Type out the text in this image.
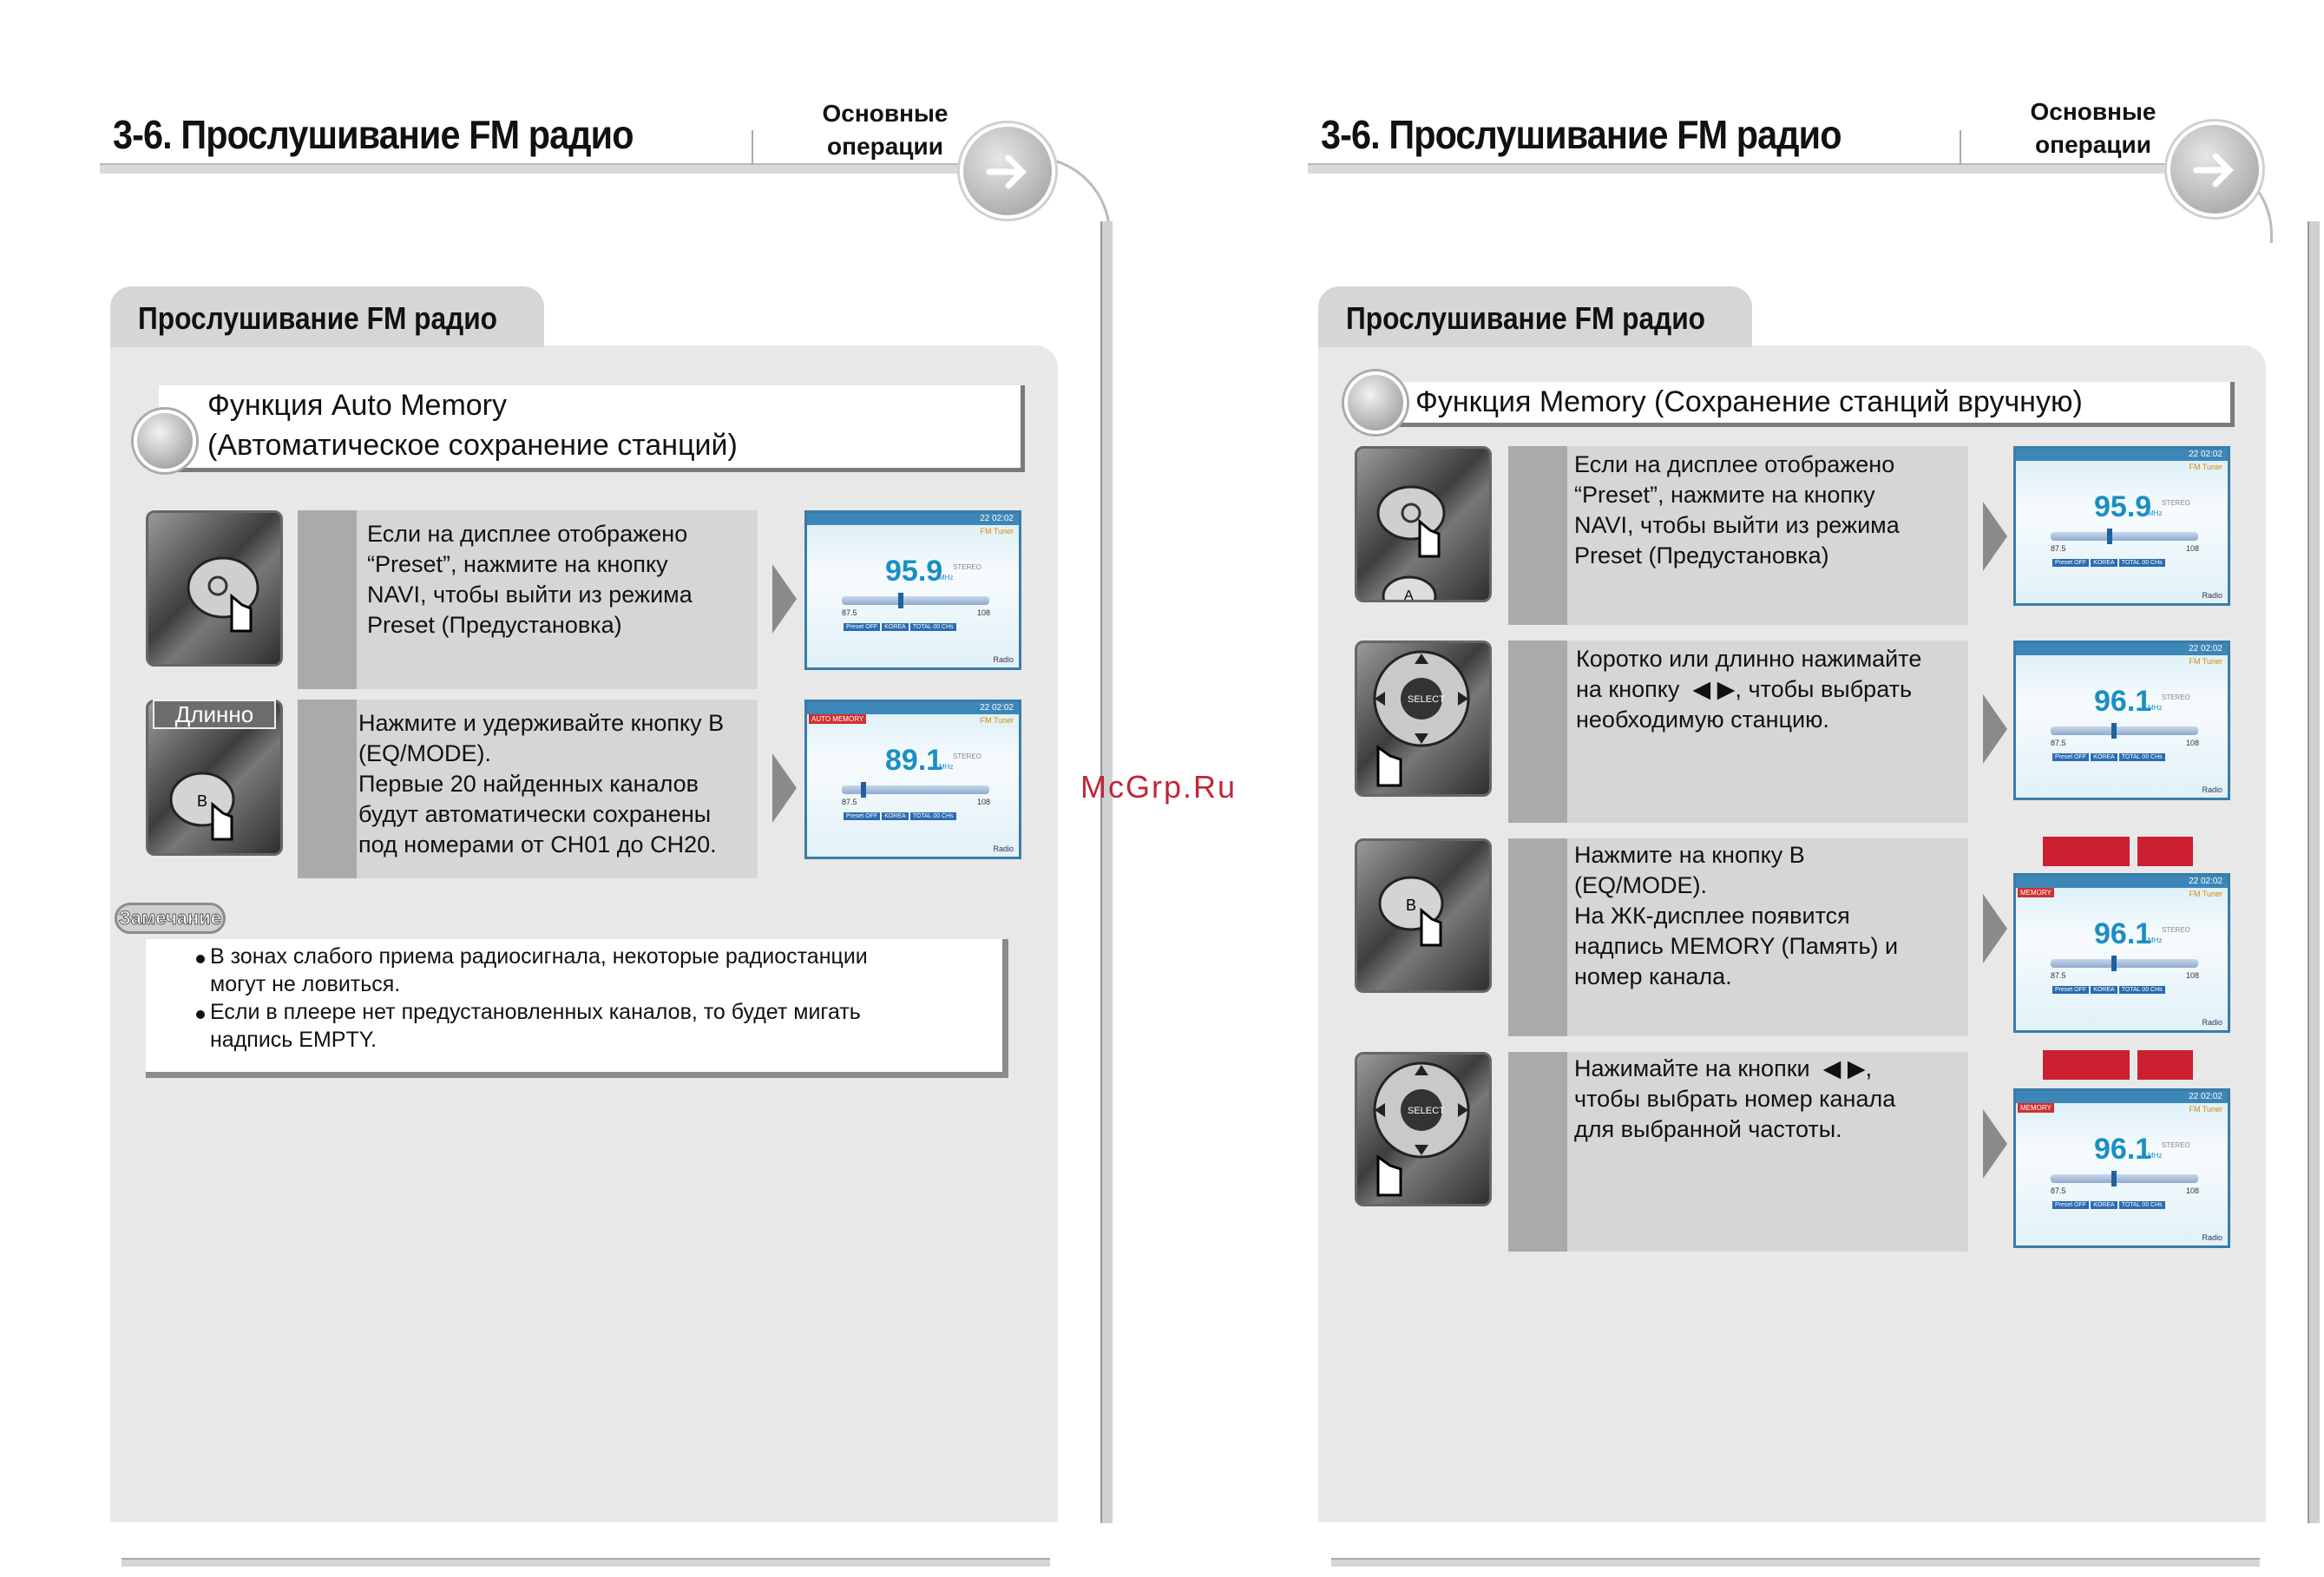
3-6. Прослушивание FM радио	Основные
операции
Прослушивание FM радио
Функция Auto Memory
(Автоматическое сохранение станций)
Если на дисплее отображено
“Preset”, нажмите на кнопку
NAVI, чтобы выйти из режима
Preset (Предустановка)
22 02:02
FM Tuner
95.9
MHz
STEREO
87.5	108
Preset OFF KOREA TOTAL 00 CHs
Radio
B
Длинно	Нажмите и удерживайте кнопку B
(EQ/MODE).
Первые 20 найденных каналов
будут автоматически сохранены
под номерами от CH01 до CH20.
22 02:02
AUTO MEMORY	FM Tuner
89.1
MHz
STEREO
87.5	108
Preset OFF KOREA TOTAL 00 CHs
Radio
Замечание
В зонах слабого приема радиосигнала, некоторые радиостанции
могут не ловиться.
Если в плеере нет предустановленных каналов, то будет мигать
надпись EMPTY.
McGrp.Ru
3-6. Прослушивание FM радио
Основные
операции
Прослушивание FM радио
Функция Memory (Сохранение станций вручную)
A
Если на дисплее отображено
“Preset”, нажмите на кнопку
NAVI, чтобы выйти из режима
Preset (Предустановка)
22 02:02
FM Tuner
95.9
MHz
STEREO
87.5	108
Preset OFF KOREA TOTAL 00 CHs
Radio
SELECT
Коротко или длинно нажимайте
на кнопку  ◀ ▶, чтобы выбрать
необходимую станцию.
22 02:02
FM Tuner
96.1
MHz
STEREO
87.5	108
Preset OFF KOREA TOTAL 00 CHs
Radio
B
Нажмите на кнопку B
(EQ/MODE).
На ЖК-дисплее появится
надпись MEMORY (Память) и
номер канала.
22 02:02
MEMORY	FM Tuner
96.1
MHz
STEREO
87.5	108
Preset OFF KOREA TOTAL 00 CHs
Radio
SELECT
Нажимайте на кнопки  ◀ ▶,
чтобы выбрать номер канала
для выбранной частоты.
22 02:02
MEMORY	FM Tuner
96.1
MHz
STEREO
87.5	108
Preset OFF KOREA TOTAL 00 CHs
Radio
